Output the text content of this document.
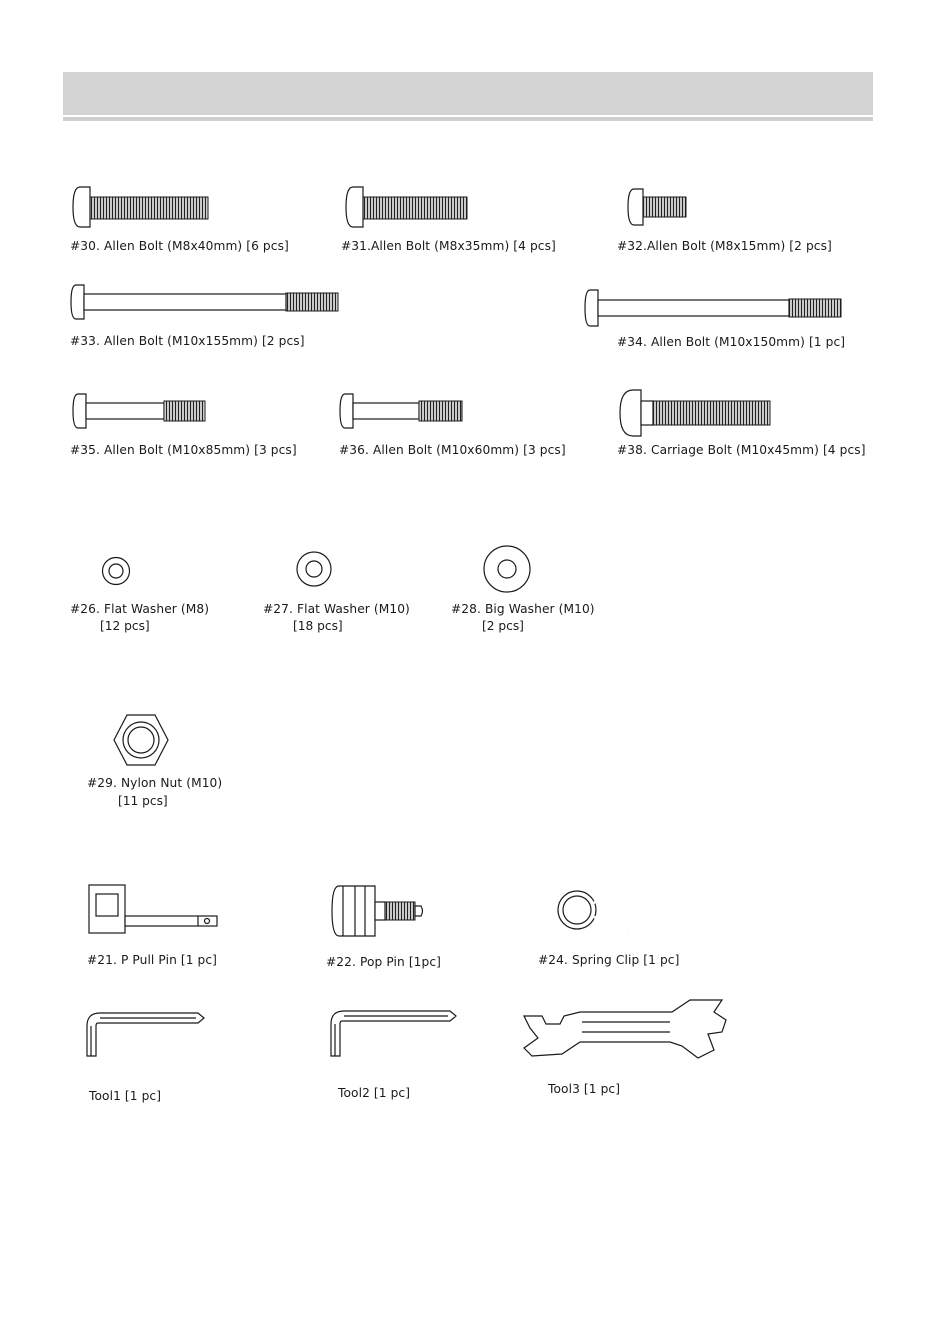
#30. Allen Bolt (M8x40mm) [6 pcs]	#31.Allen Bolt (M8x35mm) [4 pcs]	#32.Allen Bolt (M8x15mm) [2 pcs]
#33. Allen Bolt (M10x155mm) [2 pcs]	#34. Allen Bolt (M10x150mm) [1 pc]
#35. Allen Bolt (M10x85mm) [3 pcs]	#36. Allen Bolt (M10x60mm) [3 pcs]	#38. Carriage Bolt (M10x45mm) [4 pcs]
#26. Flat Washer (M8)
[12 pcs]
#27. Flat Washer (M10)
[18 pcs]
#28. Big Washer (M10)
[2 pcs]
#29. Nylon Nut (M10)
[11 pcs]
#21. P Pull Pin [1 pc]	#22. Pop Pin [1pc]	#24. Spring Clip [1 pc]
Tool1 [1 pc]	Tool2 [1 pc]	Tool3 [1 pc]
